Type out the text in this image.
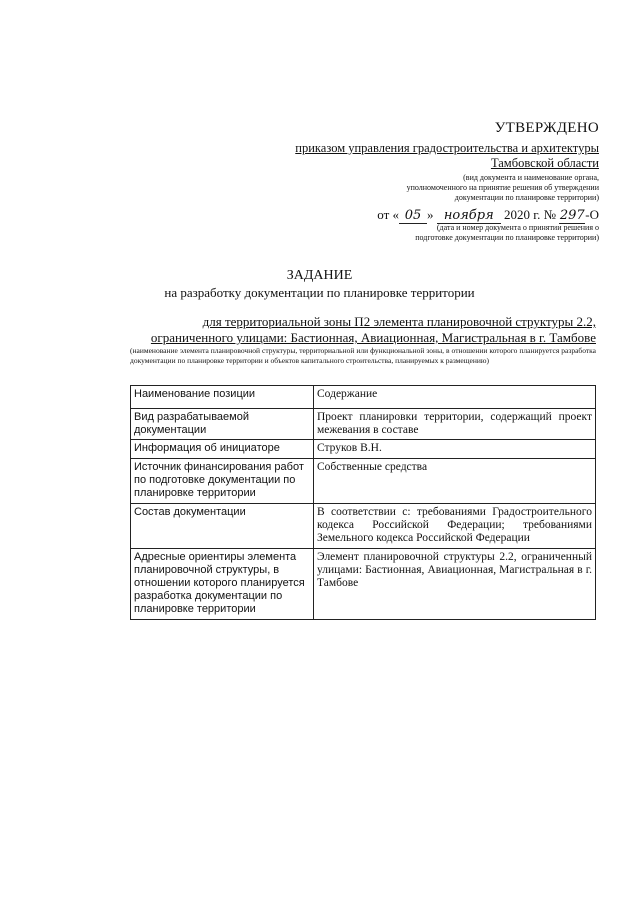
УТВЕРЖДЕНО
приказом управления градостроительства и архитектуры
Тамбовской области
(вид документа и наименование органа,
уполномоченного на принятие решения об утверждении
документации по планировке территории)
от « 05 » ноября 2020 г. № 297-О
(дата и номер документа о принятии решения о
подготовке документации по планировке территории)
ЗАДАНИЕ
на разработку документации по планировке территории
для территориальной зоны П2 элемента планировочной структуры 2.2,
ограниченного улицами: Бастионная, Авиационная, Магистральная в г. Тамбове
(наименование элемента планировочной структуры, территориальной или функциональной зоны, в отношении которого планируется разработка документации по планировке территории и объектов капитального строительства, планируемых к размещению)
Наименование позиции	Содержание
Вид разрабатываемой документации	Проект планировки территории, содержащий проект межевания в составе
Информация об инициаторе	Струков В.Н.
Источник финансирования работ по подготовке документации по планировке территории	Собственные средства
Состав документации	В соответствии с: требованиями Градостроительного кодекса Российской Федерации; требованиями Земельного кодекса Российской Федерации
Адресные ориентиры элемента планировочной структуры, в отношении которого планируется разработка документации по планировке территории	Элемент планировочной структуры 2.2, ограниченный улицами: Бастионная, Авиационная, Магистральная в г. Тамбове
